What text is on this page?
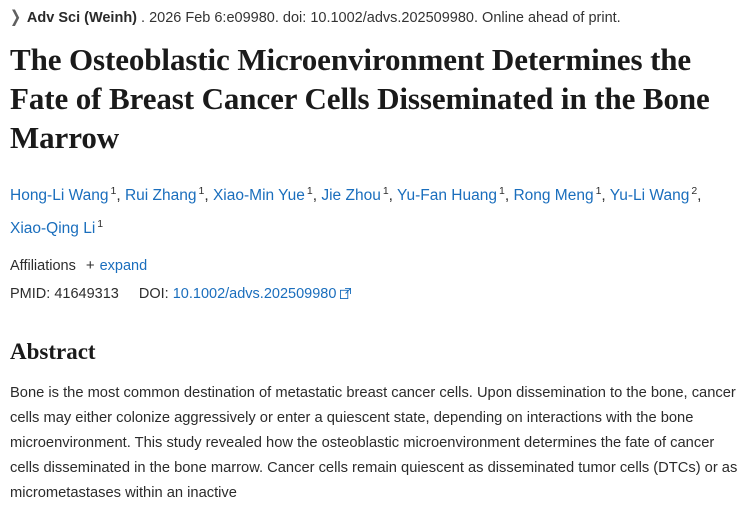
❯ Adv Sci (Weinh) . 2026 Feb 6:e09980. doi: 10.1002/advs.202509980. Online ahead of print.
The Osteoblastic Microenvironment Determines the Fate of Breast Cancer Cells Disseminated in the Bone Marrow
Hong-Li Wang $^1$, Rui Zhang $^1$, Xiao-Min Yue $^1$, Jie Zhou $^1$, Yu-Fan Huang $^1$, Rong Meng $^1$, Yu-Li Wang $^2$, Xiao-Qing Li $^1$
Affiliations + expand
PMID: 41649313 DOI: 10.1002/advs.202509980
Abstract
Bone is the most common destination of metastatic breast cancer cells. Upon dissemination to the bone, cancer cells may either colonize aggressively or enter a quiescent state, depending on interactions with the bone microenvironment. This study revealed how the osteoblastic microenvironment determines the fate of cancer cells disseminated in the bone marrow. Cancer cells remain quiescent as disseminated tumor cells (DTCs) or as micrometastases within an inactive
